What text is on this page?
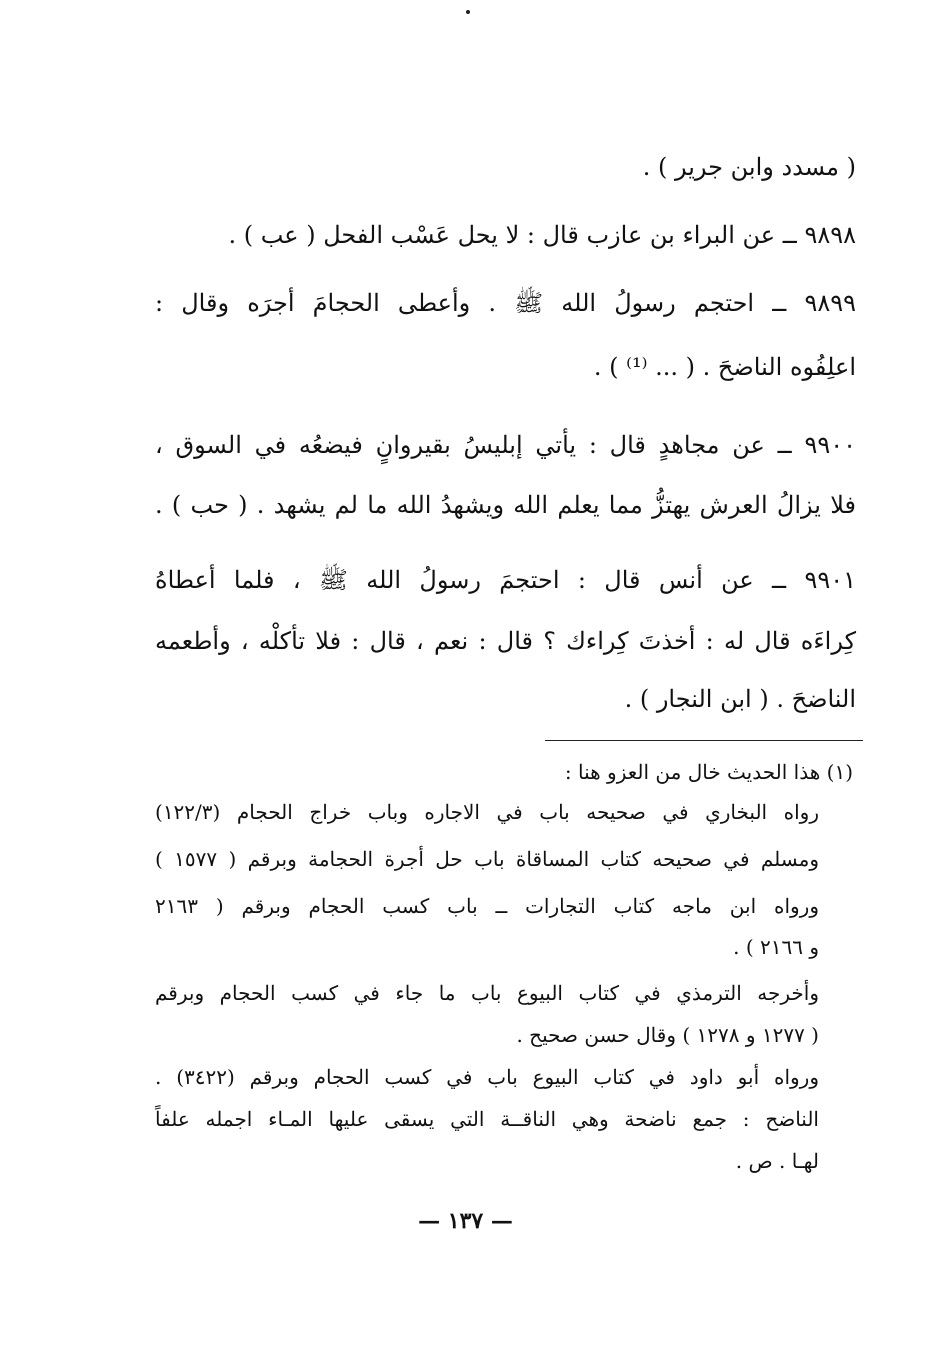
( مسدد وابن جرير ) .
٩٨٩٨ ــ عن البراء بن عازب قال : لا يحل عَسْب الفحل ( عب ) .
٩٨٩٩ ــ احتجم رسولُ الله ﷺ . وأعطى الحجامَ أجرَه وقال :
اعلِفُوه الناضحَ . ( ... ⁽¹⁾ ) .
٩٩٠٠ ــ عن مجاهدٍ قال : يأتي إبليسُ بقيروانٍ فيضعُه في السوق ،
فلا يزالُ العرش يهتزُّ مما يعلم الله ويشهدُ الله ما لم يشهد . ( حب ) .
٩٩٠١ ــ عن أنس قال : احتجمَ رسولُ الله ﷺ ، فلما أعطاهُ
كِراءَه قال له : أخذتَ كِراءك ؟ قال : نعم ، قال : فلا تأكلْه ، وأطعمه
الناضحَ . ( ابن النجار ) .
(١) هذا الحديث خال من العزو هنا :
رواه البخاري في صحيحه باب في الاجاره وباب خراج الحجام (١٢٢/٣)
ومسلم في صحيحه كتاب المساقاة باب حل أجرة الحجامة وبرقم ( ١٥٧٧ )
ورواه ابن ماجه كتاب التجارات ــ باب كسب الحجام وبرقم ( ٢١٦٣
و ٢١٦٦ ) .
وأخرجه الترمذي في كتاب البيوع باب ما جاء في كسب الحجام وبرقم
( ١٢٧٧ و ١٢٧٨ ) وقال حسن صحيح .
ورواه أبو داود في كتاب البيوع باب في كسب الحجام وبرقم (٣٤٢٢) .
الناضح : جمع ناضحة وهي الناقــة التي يسقى عليها المـاء اجمله علفاً
لهـا . ص .
— ١٣٧ —
